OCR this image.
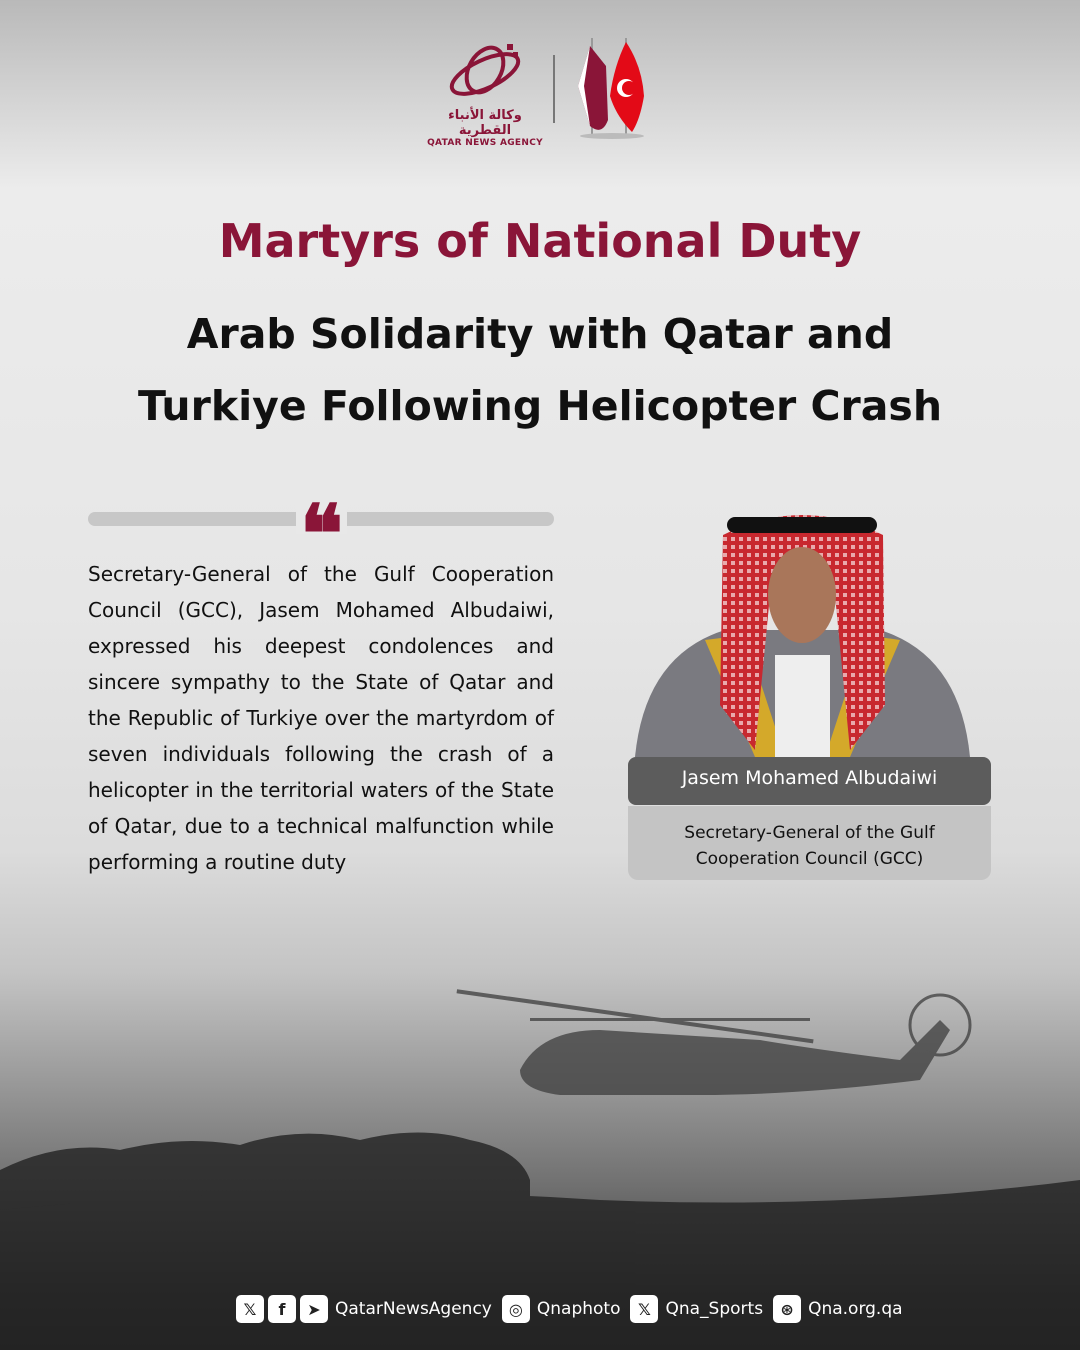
وكالة الأنباء القطرية
QATAR NEWS AGENCY
Martyrs of National Duty
Arab Solidarity with Qatar and
Turkiye Following Helicopter Crash
❝

Secretary-General of the Gulf Cooperation Council (GCC), Jasem Mohamed Albudaiwi, expressed his deepest condolences and sincere sympathy to the State of Qatar and the Republic of Turkiye over the martyrdom of seven individuals following the crash of a helicopter in the territorial waters of the State of Qatar, due to a technical malfunction while performing a routine duty

Jasem Mohamed Albudaiwi
Secretary-General of the Gulf
Cooperation Council (GCC)
𝕏	f	➤ QatarNewsAgency	◎ Qnaphoto	𝕏 Qna_Sports	⊛ Qna.org.qa
